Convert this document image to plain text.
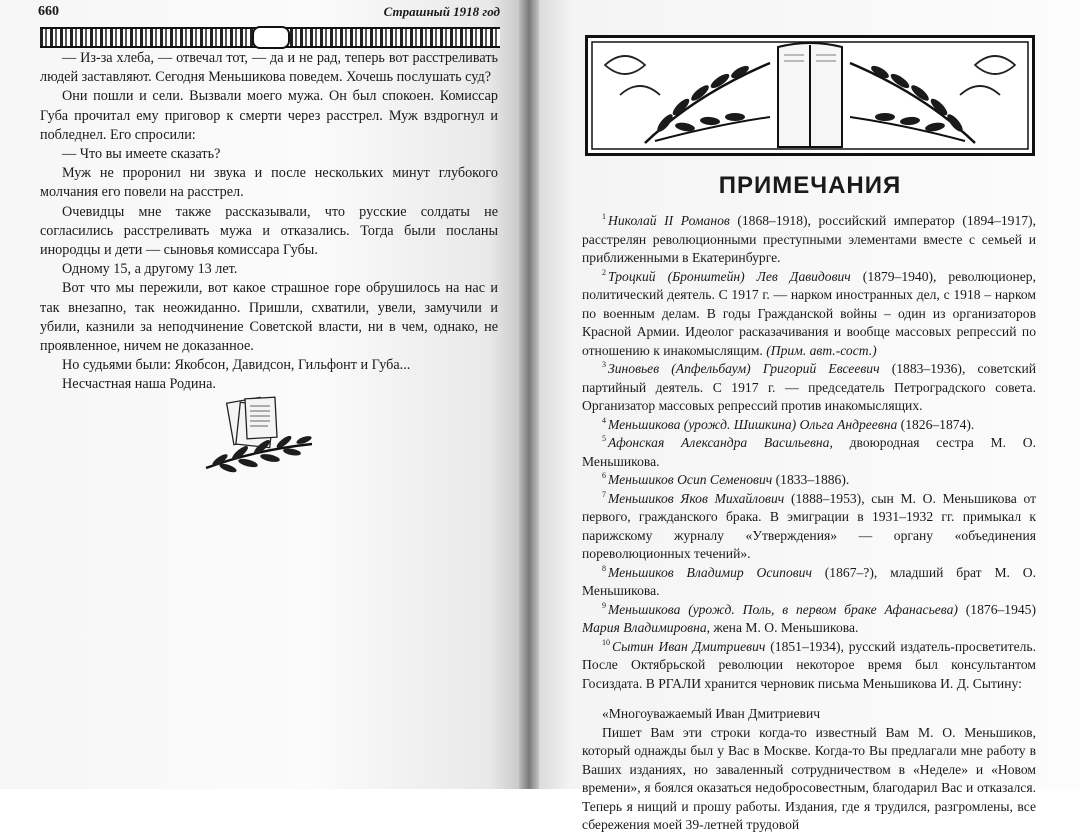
660	Страшный 1918 год

— Из-за хлеба, — отвечал тот, — да и не рад, теперь вот расстреливать людей заставляют. Сегодня Меньшикова поведем. Хочешь послушать суд?

Они пошли и сели. Вызвали моего мужа. Он был спокоен. Комиссар Губа прочитал ему приговор к смерти через расстрел. Муж вздрогнул и побледнел. Его спросили:

— Что вы имеете сказать?

Муж не проронил ни звука и после нескольких минут глубокого молчания его повели на расстрел.

Очевидцы мне также рассказывали, что русские солдаты не согласились расстреливать мужа и отказались. Тогда были посланы инородцы и дети — сыновья комиссара Губы.

Одному 15, а другому 13 лет.

Вот что мы пережили, вот какое страшное горе обрушилось на нас и так внезапно, так неожиданно. Пришли, схватили, увели, замучили и убили, казнили за неподчинение Советской власти, ни в чем, однако, не проявленное, ничем не доказанное.

Но судьями были: Якобсон, Давидсон, Гильфонт и Губа...

Несчастная наша Родина.

ПРИМЕЧАНИЯ

$^1$ Николай II Романов (1868–1918), российский император (1894–1917), расстрелян революционными преступными элементами вместе с семьей и приближенными в Екатеринбурге.

$^2$ Троцкий (Бронштейн) Лев Давидович (1879–1940), революционер, политический деятель. С 1917 г. — нарком иностранных дел, с 1918 – нарком по военным делам. В годы Гражданской войны – один из организаторов Красной Армии. Идеолог расказачивания и вообще массовых репрессий по отношению к инакомыслящим. (Прим. авт.-сост.)

$^3$ Зиновьев (Апфельбаум) Григорий Евсеевич (1883–1936), советский партийный деятель. С 1917 г. — председатель Петроградского совета. Организатор массовых репрессий против инакомыслящих.

$^4$ Меньшикова (урожд. Шишкина) Ольга Андреевна (1826–1874).

$^5$ Афонская Александра Васильевна, двоюродная сестра М. О. Меньшикова.

$^6$ Меньшиков Осип Семенович (1833–1886).

$^7$ Меньшиков Яков Михайлович (1888–1953), сын М. О. Меньшикова от первого, гражданского брака. В эмиграции в 1931–1932 гг. примыкал к парижскому журналу «Утверждения» — органу «объединения пореволюционных течений».

$^8$ Меньшиков Владимир Осипович (1867–?), младший брат М. О. Меньшикова.

$^9$ Меньшикова (урожд. Поль, в первом браке Афанасьева) (1876–1945) Мария Владимировна, жена М. О. Меньшикова.

$^{10}$ Сытин Иван Дмитриевич (1851–1934), русский издатель-просветитель. После Октябрьской революции некоторое время был консультантом Госиздата. В РГАЛИ хранится черновик письма Меньшикова И. Д. Сытину:

«Многоуважаемый Иван Дмитриевич

Пишет Вам эти строки когда-то известный Вам М. О. Меньшиков, который однажды был у Вас в Москве. Когда-то Вы предлагали мне работу в Ваших изданиях, но заваленный сотрудничеством в «Неделе» и «Новом времени», я боялся оказаться недобросовестным, благодарил Вас и отказался. Теперь я нищий и прошу работы. Издания, где я трудился, разгромлены, все сбережения моей 39-летней трудовой
